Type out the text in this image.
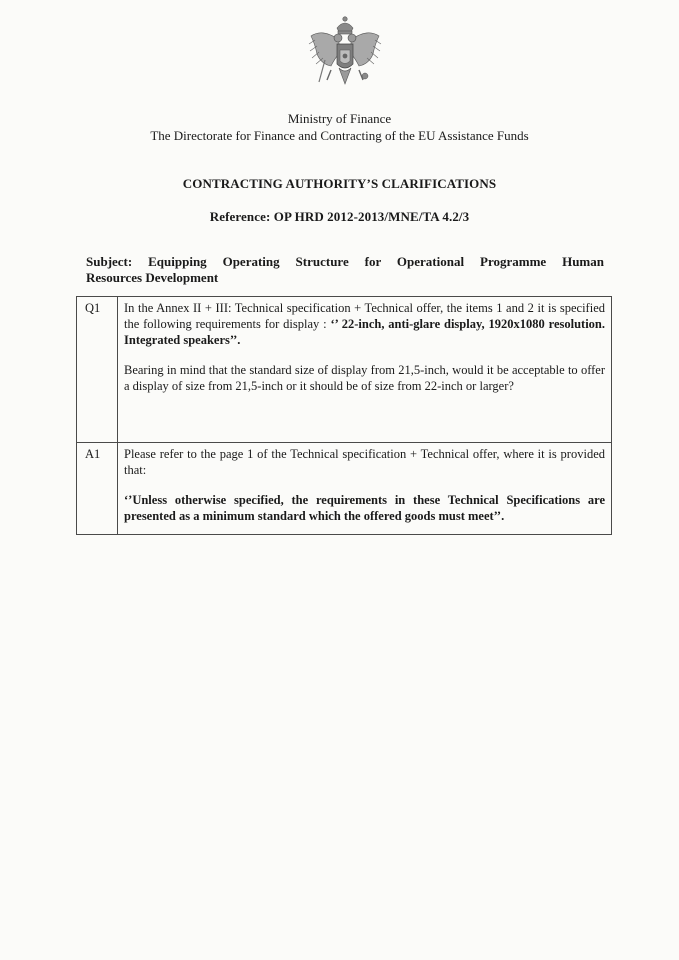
Ministry of Finance
The Directorate for Finance and Contracting of the EU Assistance Funds
CONTRACTING AUTHORITY’S CLARIFICATIONS
Reference: OP HRD 2012-2013/MNE/TA 4.2/3
Subject: Equipping Operating Structure for Operational Programme Human
Resources Development
Q1	In the Annex II + III: Technical specification + Technical offer, the items 1 and 2 it is specified the following requirements for display : ‘’ 22-inch, anti-glare display, 1920x1080 resolution. Integrated speakers’’.

Bearing in mind that the standard size of display from 21,5-inch, would it be acceptable to offer a display of size from 21,5-inch or it should be of size from 22-inch or larger?

A1	Please refer to the page 1 of the Technical specification + Technical offer, where it is provided that:

‘’Unless otherwise specified, the requirements in these Technical Specifications are presented as a minimum standard which the offered goods must meet’’.
